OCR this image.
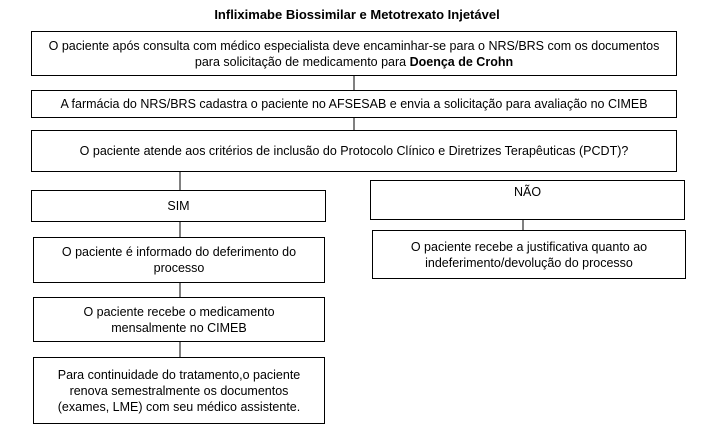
Infliximabe Biossimilar e Metotrexato Injetável
O paciente após consulta com médico especialista deve encaminhar-se para o NRS/BRS com os documentos para solicitação de medicamento para Doença de Crohn
A farmácia do NRS/BRS cadastra o paciente no AFSESAB e envia a solicitação para avaliação no CIMEB
O paciente atende aos critérios de inclusão do Protocolo Clínico e Diretrizes Terapêuticas (PCDT)?
SIM
NÃO
O paciente é informado do deferimento do processo
O paciente recebe o medicamento mensalmente no CIMEB
Para continuidade do tratamento,o paciente renova semestralmente os documentos (exames, LME) com seu médico assistente.
O paciente recebe a justificativa quanto ao indeferimento/devolução do processo
